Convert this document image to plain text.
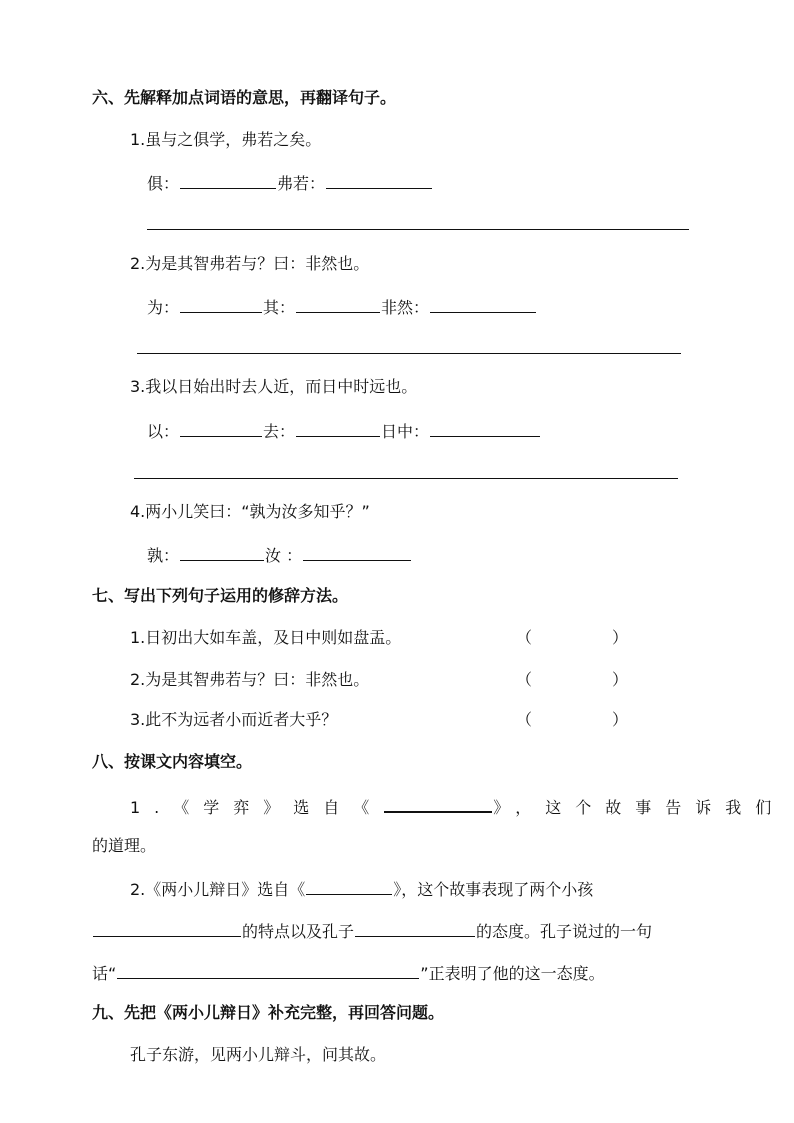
六、先解释加点词语的意思，再翻译句子。
1.虽与之俱学，弗若之矣。
俱：	弗若：
2.为是其智弗若与？曰：非然也。
为：	其：	非然：
3.我以日始出时去人近，而日中时远也。
以：	去：	日中：
4.两小儿笑曰：“孰为汝多知乎？”
孰：	汝 ：
七、写出下列句子运用的修辞方法。
1.日初出大如车盖，及日中则如盘盂。	（	）
2.为是其智弗若与？曰：非然也。	（	）
3.此不为远者小而近者大乎？	（	）
八、按课文内容填空。
1.《学弈》选自《	》，这个故事告诉我们
的道理。
2.《两小儿辩日》选自《	》，这个故事表现了两个小孩
的特点以及孔子	的态度。孔子说过的一句
话“	”正表明了他的这一态度。
九、先把《两小儿辩日》补充完整，再回答问题。
孔子东游，见两小儿辩斗，问其故。
